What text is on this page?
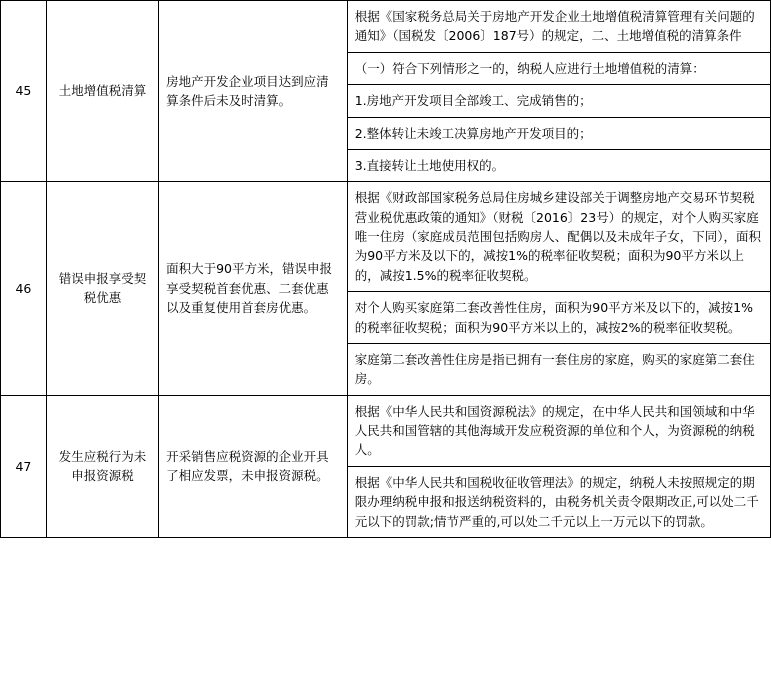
45	土地增值税清算	房地产开发企业项目达到应清算条件后未及时清算。	根据《国家税务总局关于房地产开发企业土地增值税清算管理有关问题的通知》（国税发〔2006〕187号）的规定，二、土地增值税的清算条件
			（一）符合下列情形之一的，纳税人应进行土地增值税的清算：
			1.房地产开发项目全部竣工、完成销售的；
			2.整体转让未竣工决算房地产开发项目的；
			3.直接转让土地使用权的。
46	错误申报享受契税优惠	面积大于90平方米，错误申报享受契税首套优惠、二套优惠以及重复使用首套房优惠。	根据《财政部国家税务总局住房城乡建设部关于调整房地产交易环节契税 营业税优惠政策的通知》（财税〔2016〕23号）的规定，对个人购买家庭唯一住房（家庭成员范围包括购房人、配偶以及未成年子女，下同），面积为90平方米及以下的，减按1%的税率征收契税；面积为90平方米以上的，减按1.5%的税率征收契税。
			对个人购买家庭第二套改善性住房，面积为90平方米及以下的，减按1%的税率征收契税；面积为90平方米以上的，减按2%的税率征收契税。
			家庭第二套改善性住房是指已拥有一套住房的家庭，购买的家庭第二套住房。
47	发生应税行为未申报资源税	开采销售应税资源的企业开具了相应发票，未申报资源税。	根据《中华人民共和国资源税法》的规定，在中华人民共和国领域和中华人民共和国管辖的其他海域开发应税资源的单位和个人，为资源税的纳税人。
			根据《中华人民共和国税收征收管理法》的规定，纳税人未按照规定的期限办理纳税申报和报送纳税资料的，由税务机关责令限期改正,可以处二千元以下的罚款;情节严重的,可以处二千元以上一万元以下的罚款。
